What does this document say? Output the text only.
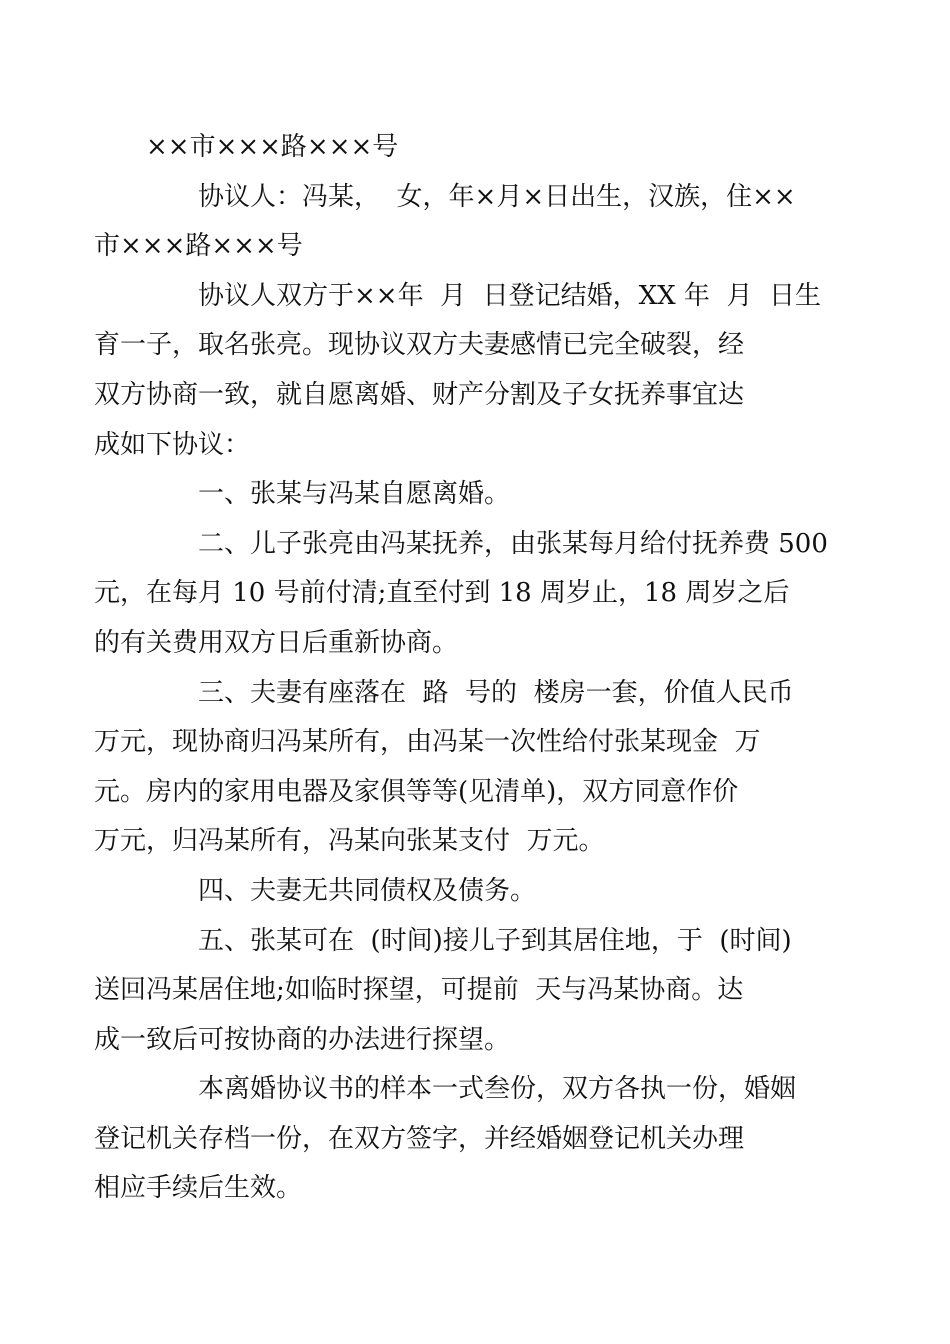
××市×××路×××号

协议人：冯某，  女，年×月×日出生，汉族，住××
市×××路×××号

协议人双方于××年  月  日登记结婚，XX 年  月  日生
育一子，取名张亮。现协议双方夫妻感情已完全破裂，经
双方协商一致，就自愿离婚、财产分割及子女抚养事宜达
成如下协议：

一、张某与冯某自愿离婚。

二、儿子张亮由冯某抚养，由张某每月给付抚养费 500
元，在每月 10 号前付清;直至付到 18 周岁止，18 周岁之后
的有关费用双方日后重新协商。

三、夫妻有座落在  路  号的  楼房一套，价值人民币
万元，现协商归冯某所有，由冯某一次性给付张某现金  万
元。房内的家用电器及家俱等等(见清单)，双方同意作价
万元，归冯某所有，冯某向张某支付  万元。

四、夫妻无共同债权及债务。

五、张某可在  (时间)接儿子到其居住地，于  (时间)
送回冯某居住地;如临时探望，可提前  天与冯某协商。达
成一致后可按协商的办法进行探望。

本离婚协议书的样本一式叁份，双方各执一份，婚姻
登记机关存档一份，在双方签字，并经婚姻登记机关办理
相应手续后生效。
